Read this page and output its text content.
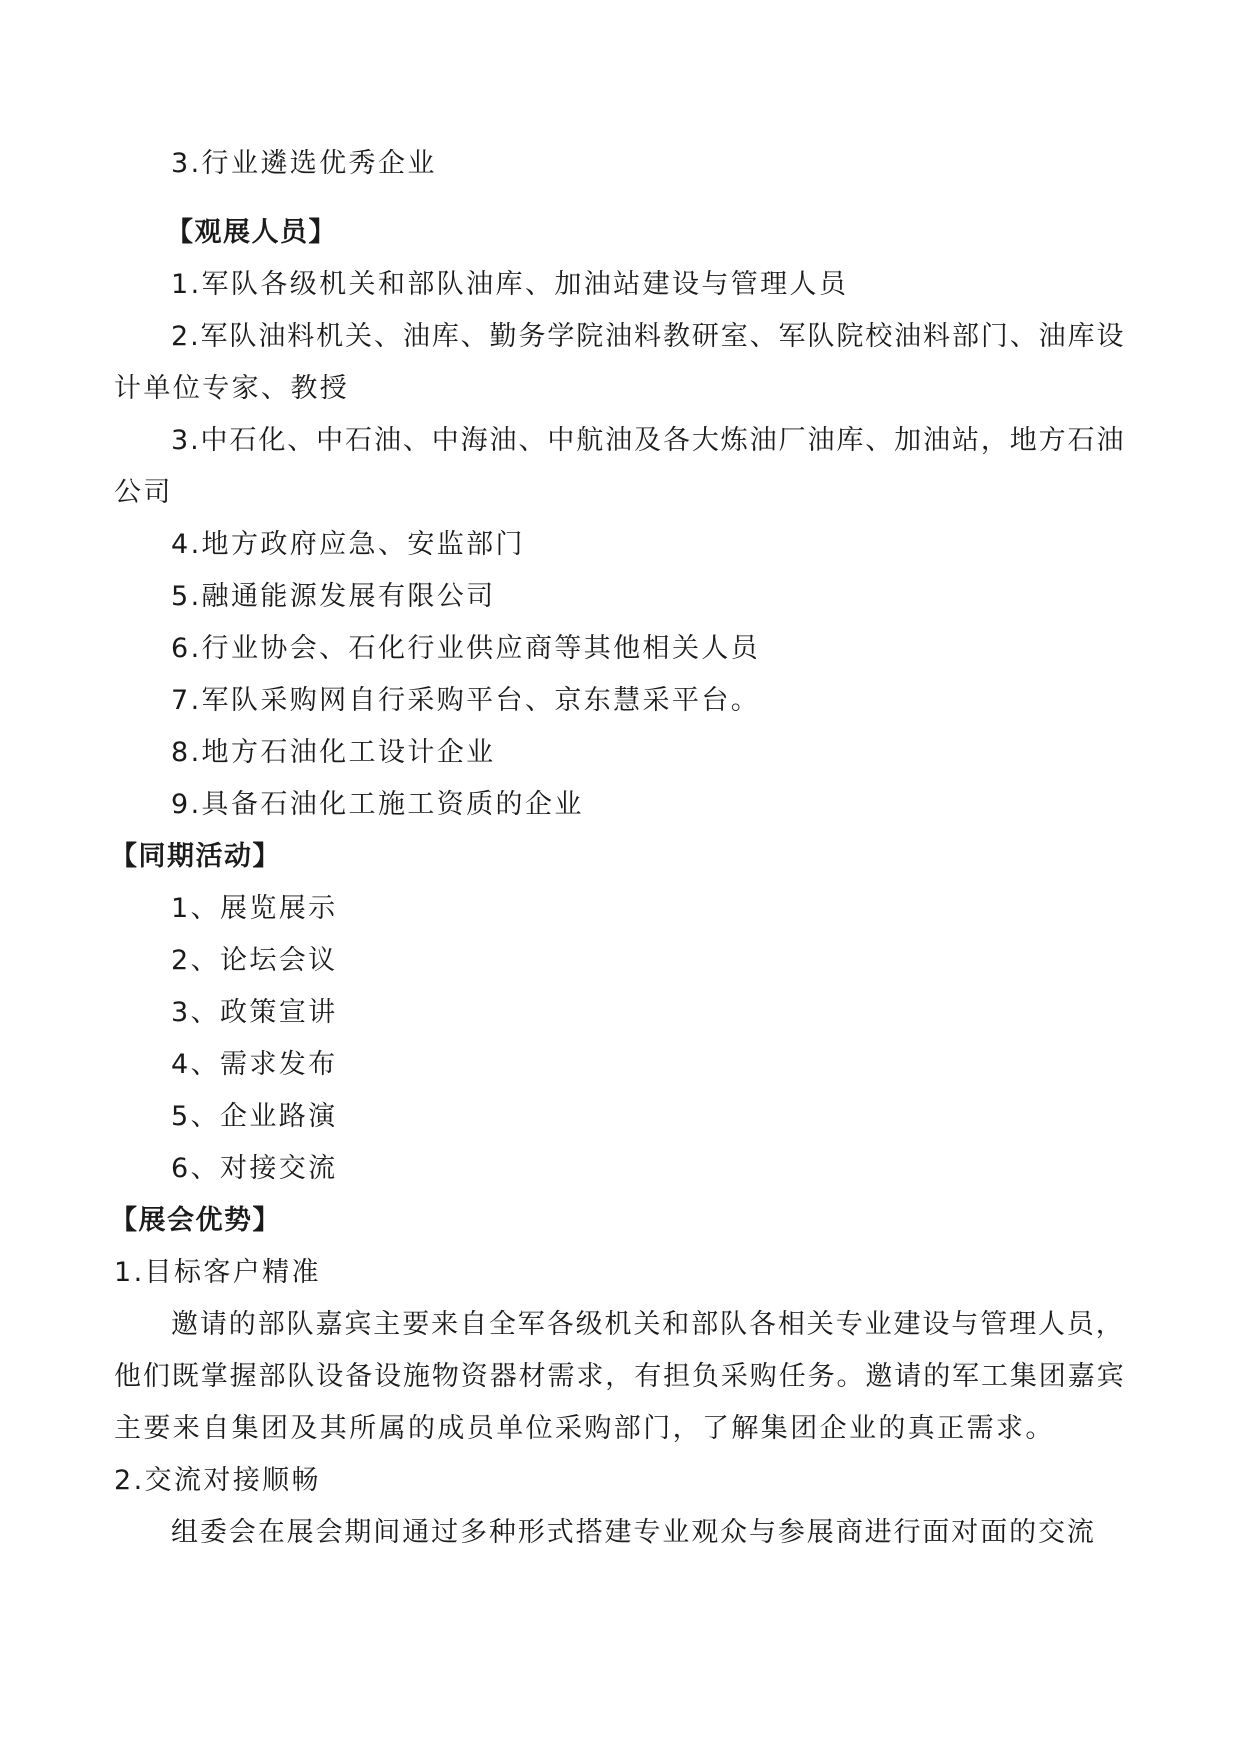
3.行业遴选优秀企业
【观展人员】
1.军队各级机关和部队油库、加油站建设与管理人员
2.军队油料机关、油库、勤务学院油料教研室、军队院校油料部门、油库设
计单位专家、教授
3.中石化、中石油、中海油、中航油及各大炼油厂油库、加油站，地方石油
公司
4.地方政府应急、安监部门
5.融通能源发展有限公司
6.行业协会、石化行业供应商等其他相关人员
7.军队采购网自行采购平台、京东慧采平台。
8.地方石油化工设计企业
9.具备石油化工施工资质的企业
【同期活动】
1、展览展示
2、论坛会议
3、政策宣讲
4、需求发布
5、企业路演
6、对接交流
【展会优势】
1.目标客户精准
邀请的部队嘉宾主要来自全军各级机关和部队各相关专业建设与管理人员，
他们既掌握部队设备设施物资器材需求，有担负采购任务。邀请的军工集团嘉宾
主要来自集团及其所属的成员单位采购部门，了解集团企业的真正需求。
2.交流对接顺畅
组委会在展会期间通过多种形式搭建专业观众与参展商进行面对面的交流
